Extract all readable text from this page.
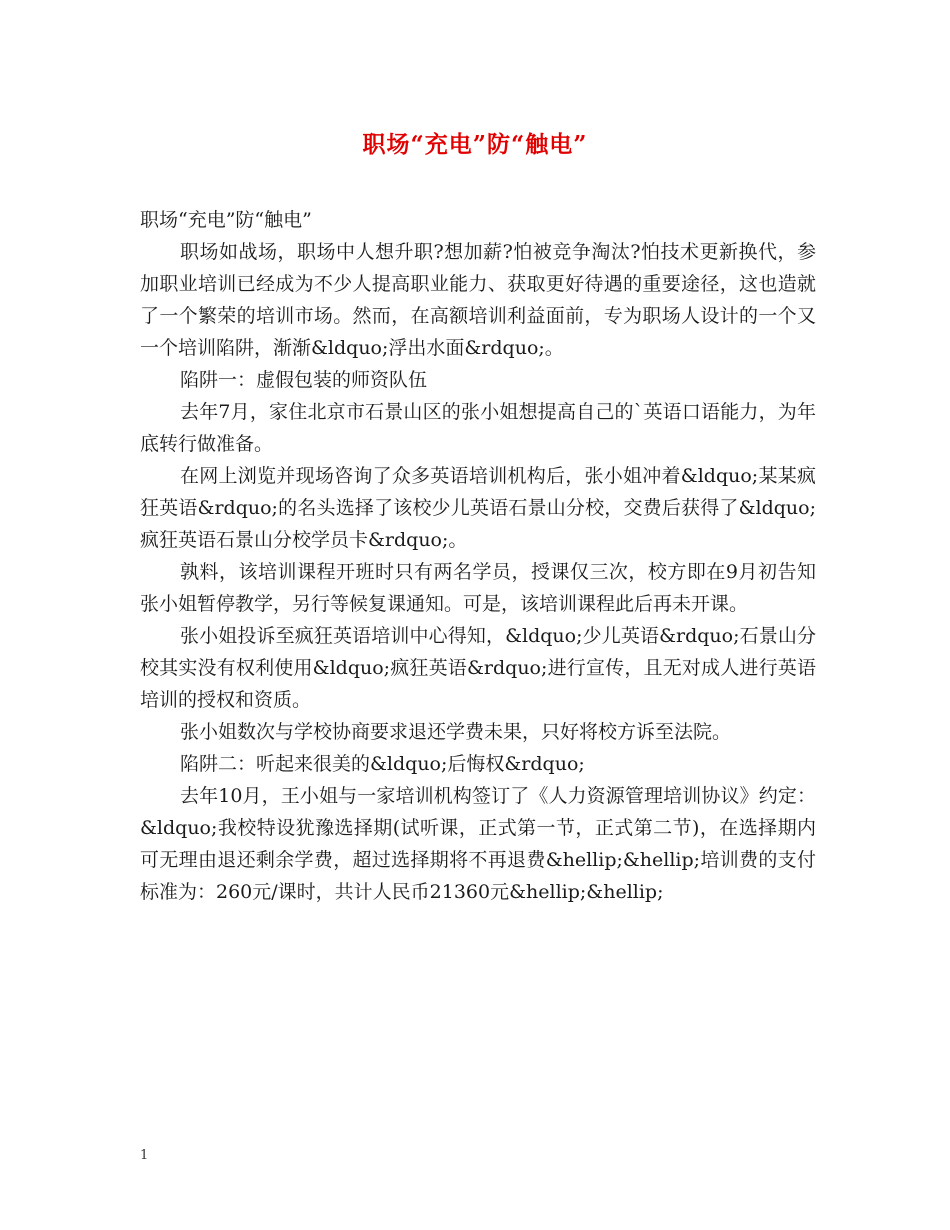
职场“充电”防“触电”

职场“充电”防“触电”

职场如战场，职场中人想升职?想加薪?怕被竞争淘汰?怕技术更新换代，参加职业培训已经成为不少人提高职业能力、获取更好待遇的重要途径，这也造就了一个繁荣的培训市场。然而，在高额培训利益面前，专为职场人设计的一个又一个培训陷阱，渐渐&ldquo;浮出水面&rdquo;。

陷阱一：虚假包装的师资队伍

去年7月，家住北京市石景山区的张小姐想提高自己的`英语口语能力，为年底转行做准备。

在网上浏览并现场咨询了众多英语培训机构后，张小姐冲着&ldquo;某某疯狂英语&rdquo;的名头选择了该校少儿英语石景山分校，交费后获得了&ldquo;疯狂英语石景山分校学员卡&rdquo;。

孰料，该培训课程开班时只有两名学员，授课仅三次，校方即在9月初告知张小姐暂停教学，另行等候复课通知。可是，该培训课程此后再未开课。

张小姐投诉至疯狂英语培训中心得知，&ldquo;少儿英语&rdquo;石景山分校其实没有权利使用&ldquo;疯狂英语&rdquo;进行宣传，且无对成人进行英语培训的授权和资质。

张小姐数次与学校协商要求退还学费未果，只好将校方诉至法院。

陷阱二：听起来很美的&ldquo;后悔权&rdquo;

去年10月，王小姐与一家培训机构签订了《人力资源管理培训协议》约定：&ldquo;我校特设犹豫选择期(试听课，正式第一节，正式第二节)，在选择期内可无理由退还剩余学费，超过选择期将不再退费&hellip;&hellip;培训费的支付标准为：260元/课时，共计人民币21360元&hellip;&hellip;

1
